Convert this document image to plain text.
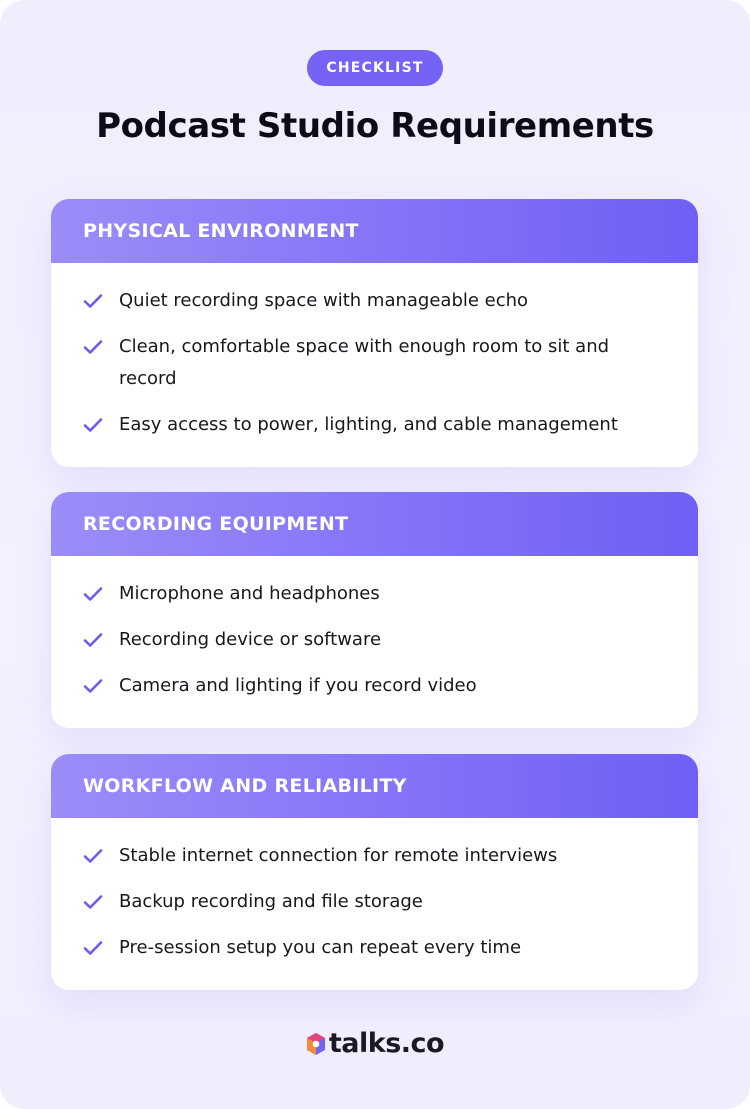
CHECKLIST
Podcast Studio Requirements
PHYSICAL ENVIRONMENT
Quiet recording space with manageable echo
Clean, comfortable space with enough room to sit and record
Easy access to power, lighting, and cable management
RECORDING EQUIPMENT
Microphone and headphones
Recording device or software
Camera and lighting if you record video
WORKFLOW AND RELIABILITY
Stable internet connection for remote interviews
Backup recording and file storage
Pre-session setup you can repeat every time
talks.co
